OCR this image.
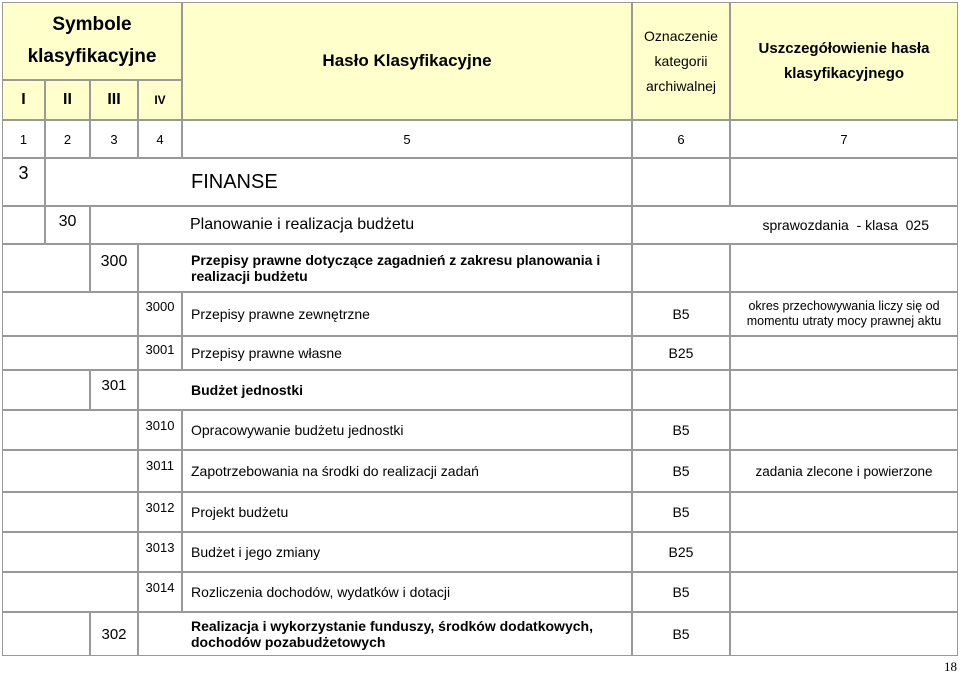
Symbole klasyfikacyjne
I II III	IV
Hasło Klasyfikacyjne
Oznaczenie kategorii archiwalnej
Uszczegółowienie hasła klasyfikacyjnego
1	2	3	4	5	6	7
3	FINANSE
30	Planowanie i realizacja budżetu	sprawozdania  - klasa  025
300	Przepisy prawne dotyczące zagadnień z zakresu planowania i realizacji budżetu
3000 Przepisy prawne zewnętrzne	B5	okres przechowywania liczy się od momentu utraty mocy prawnej aktu
3001 Przepisy prawne własne	B25
301	Budżet jednostki
3010 Opracowywanie budżetu jednostki	B5
3011 Zapotrzebowania na środki do realizacji zadań	B5	zadania zlecone i powierzone
3012 Projekt budżetu	B5
3013 Budżet i jego zmiany	B25
3014 Rozliczenia dochodów, wydatków i dotacji	B5
302	Realizacja i wykorzystanie funduszy, środków dodatkowych, dochodów pozabudżetowych	B5
18
